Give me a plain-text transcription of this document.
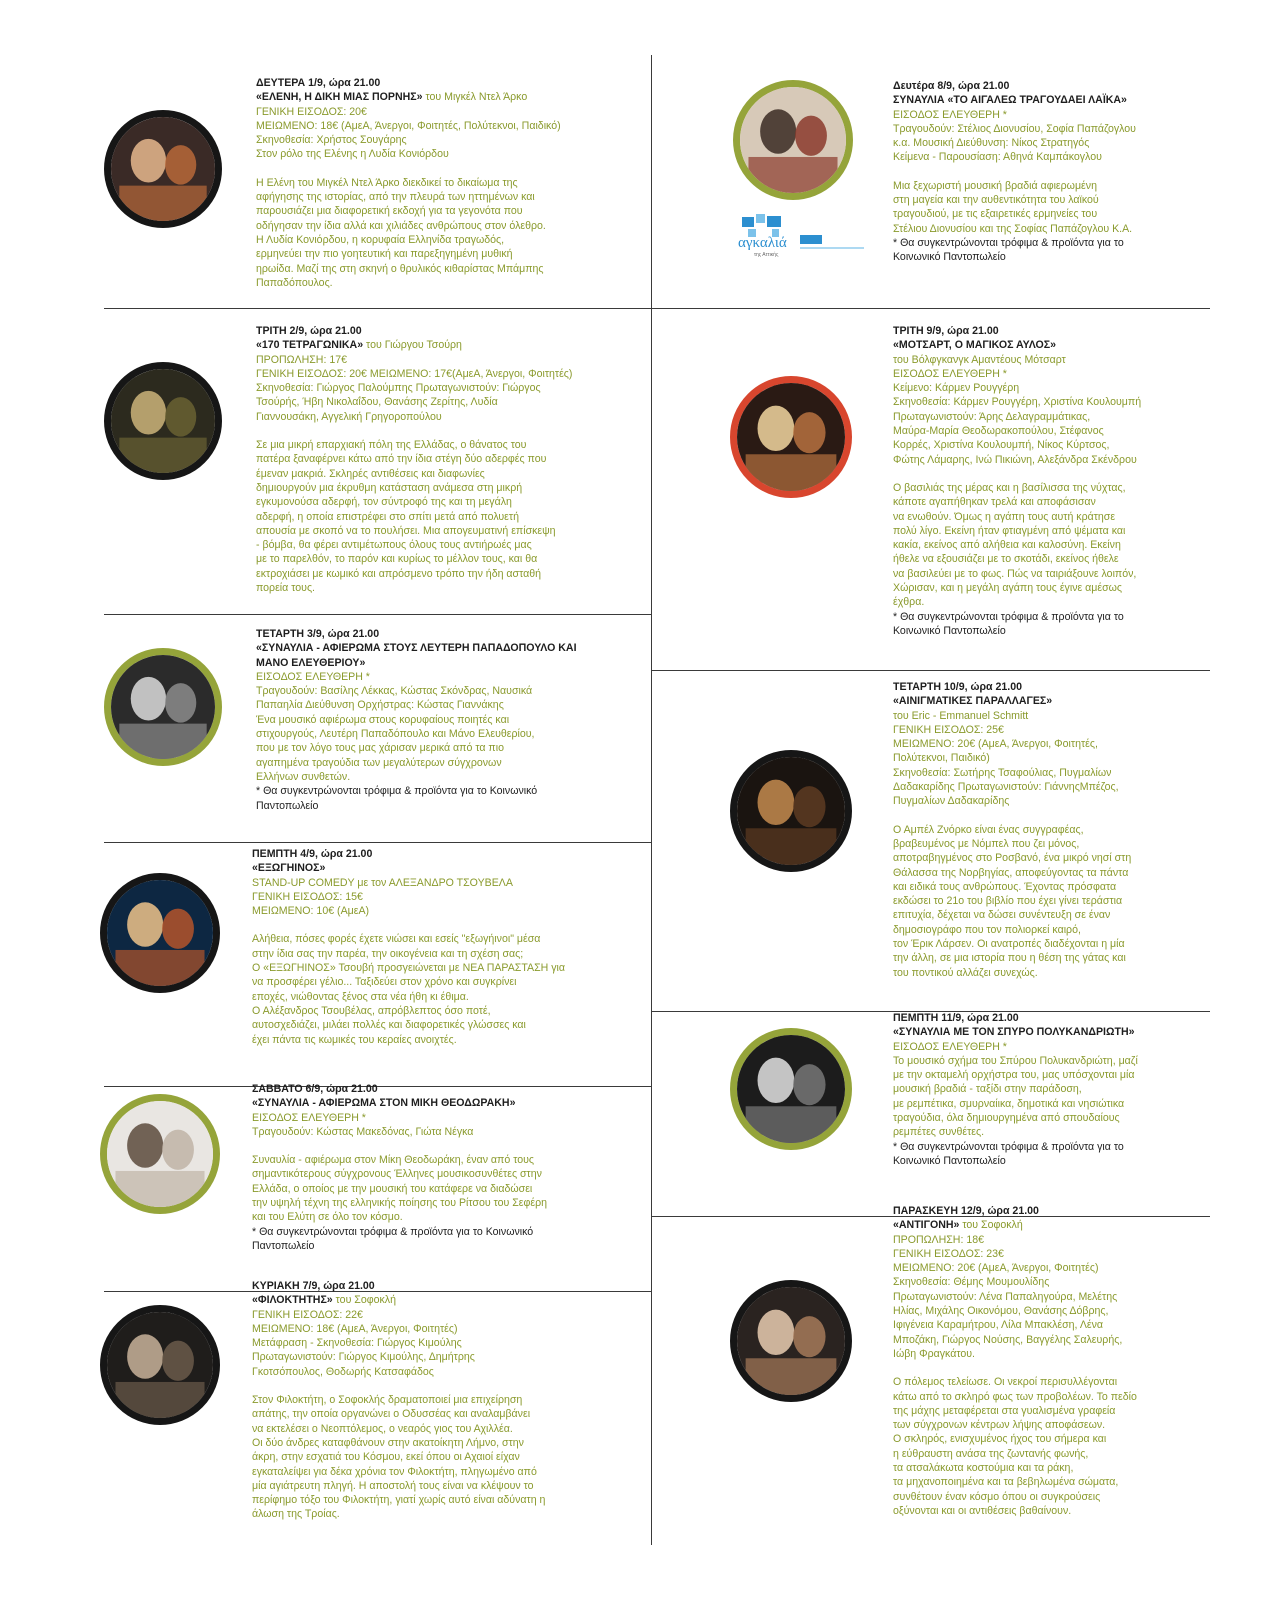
ΔΕΥΤΕΡΑ 1/9, ώρα 21.00

«ΕΛΕΝΗ, Η ΔΙΚΗ ΜΙΑΣ ΠΟΡΝΗΣ» του Μιγκέλ Ντελ Άρκο

ΓΕΝΙΚΗ ΕΙΣΟΔΟΣ: 20€

ΜΕΙΩΜΕΝΟ: 18€ (ΑμεΑ, Άνεργοι, Φοιτητές, Πολύτεκνοι, Παιδικό)

Σκηνοθεσία: Χρήστος Σουγάρης

Στον ρόλο της Ελένης η Λυδία Κονιόρδου

Η Ελένη του Μιγκέλ Ντελ Άρκο διεκδικεί το δικαίωμα της

αφήγησης της ιστορίας, από την πλευρά των ηττημένων και

παρουσιάζει μια διαφορετική εκδοχή για τα γεγονότα που

οδήγησαν την ίδια αλλά και χιλιάδες ανθρώπους στον όλεθρο.

Η Λυδία Κονιόρδου, η κορυφαία Ελληνίδα τραγωδός,

ερμηνεύει την πιο γοητευτική και παρεξηγημένη μυθική

ηρωίδα. Μαζί της στη σκηνή ο θρυλικός κιθαρίστας Μπάμπης

Παπαδόπουλος.

ΤΡΙΤΗ 2/9, ώρα 21.00

«170 ΤΕΤΡΑΓΩΝΙΚΑ» του Γιώργου Τσούρη

ΠΡΟΠΩΛΗΣΗ: 17€

ΓΕΝΙΚΗ ΕΙΣΟΔΟΣ: 20€ ΜΕΙΩΜΕΝΟ: 17€(ΑμεΑ, Άνεργοι, Φοιτητές)

Σκηνοθεσία: Γιώργος Παλούμπης Πρωταγωνιστούν: Γιώργος

Τσούρής, Ήβη Νικολαΐδου, Θανάσης Ζερίτης, Λυδία

Γιαννουσάκη, Αγγελική Γρηγοροπούλου

Σε μια μικρή επαρχιακή πόλη της Ελλάδας, ο θάνατος του

πατέρα ξαναφέρνει κάτω από την ίδια στέγη δύο αδερφές που

έμεναν μακριά. Σκληρές αντιθέσεις και διαφωνίες

δημιουργούν μια έκρυθμη κατάσταση ανάμεσα στη μικρή

εγκυμονούσα αδερφή, τον σύντροφό της και τη μεγάλη

αδερφή, η οποία επιστρέφει στο σπίτι μετά από πολυετή

απουσία με σκοπό να το πουλήσει. Μια απογευματινή επίσκεψη

- βόμβα, θα φέρει αντιμέτωπους όλους τους αντιήρωές μας

με το παρελθόν, το παρόν και κυρίως το μέλλον τους, και θα

εκτροχιάσει με κωμικό και απρόσμενο τρόπο την ήδη ασταθή

πορεία τους.

ΤΕΤΑΡΤΗ 3/9, ώρα 21.00

«ΣΥΝΑΥΛΙΑ - ΑΦΙΕΡΩΜΑ ΣΤΟΥΣ ΛΕΥΤΕΡΗ ΠΑΠΑΔΟΠΟΥΛΟ ΚΑΙ ΜΑΝΟ ΕΛΕΥΘΕΡΙΟΥ»

ΕΙΣΟΔΟΣ ΕΛΕΥΘΕΡΗ *

Τραγουδούν: Βασίλης Λέκκας, Κώστας Σκόνδρας, Ναυσικά

Παπαηλία Διεύθυνση Ορχήστρας: Κώστας Γιαννάκης

Ένα μουσικό αφιέρωμα στους κορυφαίους ποιητές και

στιχουργούς, Λευτέρη Παπαδόπουλο και Μάνο Ελευθερίου,

που με τον λόγο τους μας χάρισαν μερικά από τα πιο

αγαπημένα τραγούδια των μεγαλύτερων σύγχρονων

Ελλήνων συνθετών.

* Θα συγκεντρώνονται τρόφιμα & προϊόντα για το Κοινωνικό

Παντοπωλείο

ΠΕΜΠΤΗ 4/9, ώρα 21.00

«ΕΞΩΓΗΙΝΟΣ»

STAND-UP COMEDY με τον ΑΛΕΞΑΝΔΡΟ ΤΣΟΥΒΕΛΑ

ΓΕΝΙΚΗ ΕΙΣΟΔΟΣ: 15€

ΜΕΙΩΜΕΝΟ: 10€ (ΑμεΑ)

Αλήθεια, πόσες φορές έχετε νιώσει και εσείς "εξωγήινοι" μέσα

στην ίδια σας την παρέα, την οικογένεια και τη σχέση σας;

Ο «ΕΞΩΓΗΙΝΟΣ» Τσουβή προσγειώνεται με ΝΕΑ ΠΑΡΑΣΤΑΣΗ για

να προσφέρει γέλιο... Ταξιδεύει στον χρόνο και συγκρίνει

εποχές, νιώθοντας ξένος στα νέα ήθη κι έθιμα.

Ο Αλέξανδρος Τσουβέλας, απρόβλεπτος όσο ποτέ,

αυτοσχεδιάζει, μιλάει πολλές και διαφορετικές γλώσσες και

έχει πάντα τις κωμικές του κεραίες ανοιχτές.

ΣΑΒΒΑΤΟ 6/9, ώρα 21.00

«ΣΥΝΑΥΛΙΑ - ΑΦΙΕΡΩΜΑ ΣΤΟΝ ΜΙΚΗ ΘΕΟΔΩΡΑΚΗ»

ΕΙΣΟΔΟΣ ΕΛΕΥΘΕΡΗ *

Τραγουδούν: Κώστας Μακεδόνας, Γιώτα Νέγκα

Συναυλία - αφιέρωμα στον Μίκη Θεοδωράκη, έναν από τους

σημαντικότερους σύγχρονους Έλληνες μουσικοσυνθέτες στην

Ελλάδα, ο οποίος με την μουσική του κατάφερε να διαδώσει

την υψηλή τέχνη της ελληνικής ποίησης του Ρίτσου του Σεφέρη

και του Ελύτη σε όλο τον κόσμο.

* Θα συγκεντρώνονται τρόφιμα & προϊόντα για το Κοινωνικό

Παντοπωλείο

ΚΥΡΙΑΚΗ 7/9, ώρα 21.00

«ΦΙΛΟΚΤΗΤΗΣ» του Σοφοκλή

ΓΕΝΙΚΗ ΕΙΣΟΔΟΣ: 22€

ΜΕΙΩΜΕΝΟ: 18€ (ΑμεΑ, Άνεργοι, Φοιτητές)

Μετάφραση - Σκηνοθεσία: Γιώργος Κιμούλης

Πρωταγωνιστούν: Γιώργος Κιμούλης, Δημήτρης

Γκοτσόπουλος, Θοδωρής Κατσαφάδος

Στον Φιλοκτήτη, ο Σοφοκλής δραματοποιεί μια επιχείρηση

απάτης, την οποία οργανώνει ο Οδυσσέας και αναλαμβάνει

να εκτελέσει ο Νεοπτόλεμος, ο νεαρός γιος του Αχιλλέα.

Οι δύο άνδρες καταφθάνουν στην ακατοίκητη Λήμνο, στην

άκρη, στην εσχατιά του Κόσμου, εκεί όπου οι Αχαιοί είχαν

εγκαταλείψει για δέκα χρόνια τον Φιλοκτήτη, πληγωμένο από

μία αγιάτρευτη πληγή. Η αποστολή τους είναι να κλέψουν το

περίφημο τόξο του Φιλοκτήτη, γιατί χωρίς αυτό είναι αδύνατη η

άλωση της Τροίας.

Δευτέρα 8/9, ώρα 21.00

ΣΥΝΑΥΛΙΑ «ΤΟ ΑΙΓΑΛΕΩ ΤΡΑΓΟΥΔΑΕΙ ΛΑΪΚΑ»

ΕΙΣΟΔΟΣ ΕΛΕΥΘΕΡΗ *

Τραγουδούν: Στέλιος Διονυσίου, Σοφία Παπάζογλου

κ.α. Μουσική Διεύθυνση: Νίκος Στρατηγός

Κείμενα - Παρουσίαση: Αθηνά Καμπάκογλου

Μια ξεχωριστή μουσική βραδιά αφιερωμένη

στη μαγεία και την αυθεντικότητα του λαϊκού

τραγουδιού, με τις εξαιρετικές ερμηνείες του

Στέλιου Διονυσίου και της Σοφίας Παπάζογλου Κ.Α.

* Θα συγκεντρώνονται τρόφιμα & προϊόντα για το

Κοινωνικό Παντοπωλείο

ΤΡΙΤΗ 9/9, ώρα 21.00

«ΜΟΤΣΑΡΤ, Ο ΜΑΓΙΚΟΣ ΑΥΛΟΣ»

του Βόλφγκανγκ Αμαντέους Μότσαρτ

ΕΙΣΟΔΟΣ ΕΛΕΥΘΕΡΗ *

Κείμενο: Κάρμεν Ρουγγέρη

Σκηνοθεσία: Κάρμεν Ρουγγέρη, Χριστίνα Κουλουμπή

Πρωταγωνιστούν: Άρης Δελαγραμμάτικας,

Μαύρα-Μαρία Θεοδωρακοπούλου, Στέφανος

Κορρές, Χριστίνα Κουλουμπή, Νίκος Κύρτσος,

Φώτης Λάμαρης, Ινώ Πικιώνη, Αλεξάνδρα Σκένδρου

Ο βασιλιάς της μέρας και η βασίλισσα της νύχτας,

κάποτε αγαπήθηκαν τρελά και αποφάσισαν

να ενωθούν. Όμως η αγάπη τους αυτή κράτησε

πολύ λίγο. Εκείνη ήταν φτιαγμένη από ψέματα και

κακία, εκείνος από αλήθεια και καλοσύνη. Εκείνη

ήθελε να εξουσιάζει με το σκοτάδι, εκείνος ήθελε

να βασιλεύει με το φως. Πώς να ταιριάξουνε λοιπόν,

Χώρισαν, και η μεγάλη αγάπη τους έγινε αμέσως

έχθρα.

* Θα συγκεντρώνονται τρόφιμα & προϊόντα για το

Κοινωνικό Παντοπωλείο

ΤΕΤΑΡΤΗ 10/9, ώρα 21.00

«ΑΙΝΙΓΜΑΤΙΚΕΣ ΠΑΡΑΛΛΑΓΕΣ»

του Eric - Emmanuel Schmitt

ΓΕΝΙΚΗ ΕΙΣΟΔΟΣ: 25€

ΜΕΙΩΜΕΝΟ: 20€ (ΑμεΑ, Άνεργοι, Φοιτητές,

Πολύτεκνοι, Παιδικό)

Σκηνοθεσία: Σωτήρης Τσαφούλιας, Πυγμαλίων

Δαδακαρίδης Πρωταγωνιστούν: ΓιάννηςΜπέζος,

Πυγμαλίων Δαδακαρίδης

Ο Αμπέλ Ζνόρκο είναι ένας συγγραφέας,

βραβευμένος με Νόμπελ που ζει μόνος,

αποτραβηγμένος στο Ροσβανό, ένα μικρό νησί στη

Θάλασσα της Νορβηγίας, αποφεύγοντας τα πάντα

και ειδικά τους ανθρώπους. Έχοντας πρόσφατα

εκδώσει το 21ο του βιβλίο που έχει γίνει τεράστια

επιτυχία, δέχεται να δώσει συνέντευξη σε έναν

δημοσιογράφο που τον πολιορκεί καιρό,

τον Έρικ Λάρσεν. Οι ανατροπές διαδέχονται η μία

την άλλη, σε μια ιστορία που η θέση της γάτας και

του ποντικού αλλάζει συνεχώς.

ΠΕΜΠΤΗ 11/9, ώρα 21.00

«ΣΥΝΑΥΛΙΑ ΜΕ ΤΟΝ ΣΠΥΡΟ ΠΟΛΥΚΑΝΔΡΙΩΤΗ»

ΕΙΣΟΔΟΣ ΕΛΕΥΘΕΡΗ *

Το μουσικό σχήμα του Σπύρου Πολυκανδριώτη, μαζί

με την οκταμελή ορχήστρα του, μας υπόσχονται μία

μουσική βραδιά - ταξίδι στην παράδοση,

με ρεμπέτικα, σμυρναίικα, δημοτικά και νησιώτικα

τραγούδια, όλα δημιουργημένα από σπουδαίους

ρεμπέτες συνθέτες.

* Θα συγκεντρώνονται τρόφιμα & προϊόντα για το

Κοινωνικό Παντοπωλείο

ΠΑΡΑΣΚΕΥΗ 12/9, ώρα 21.00

«ΑΝΤΙΓΟΝΗ» του Σοφοκλή

ΠΡΟΠΩΛΗΣΗ: 18€

ΓΕΝΙΚΗ ΕΙΣΟΔΟΣ: 23€

ΜΕΙΩΜΕΝΟ: 20€ (ΑμεΑ, Άνεργοι, Φοιτητές)

Σκηνοθεσία: Θέμης Μουμουλίδης

Πρωταγωνιστούν: Λένα Παπαληγούρα, Μελέτης

Ηλίας, Μιχάλης Οικονόμου, Θανάσης Δόβρης,

Ιφιγένεια Καραμήτρου, Λίλα Μπακλέση, Λένα

Μποζάκη, Γιώργος Νούσης, Βαγγέλης Σαλευρής,

Ιώβη Φραγκάτου.

Ο πόλεμος τελείωσε. Οι νεκροί περισυλλέγονται

κάτω από το σκληρό φως των προβολέων. Το πεδίο

της μάχης μεταφέρεται στα γυαλισμένα γραφεία

των σύγχρονων κέντρων λήψης αποφάσεων.

Ο σκληρός, ενισχυμένος ήχος του σήμερα και

η εύθραυστη ανάσα της ζωντανής φωνής,

τα ατσαλάκωτα κοστούμια και τα ράκη,

τα μηχανοποιημένα και τα βεβηλωμένα σώματα,

συνθέτουν έναν κόσμο όπου οι συγκρούσεις

οξύνονται και οι αντιθέσεις βαθαίνουν.

αγκαλιά
της Αττικής
